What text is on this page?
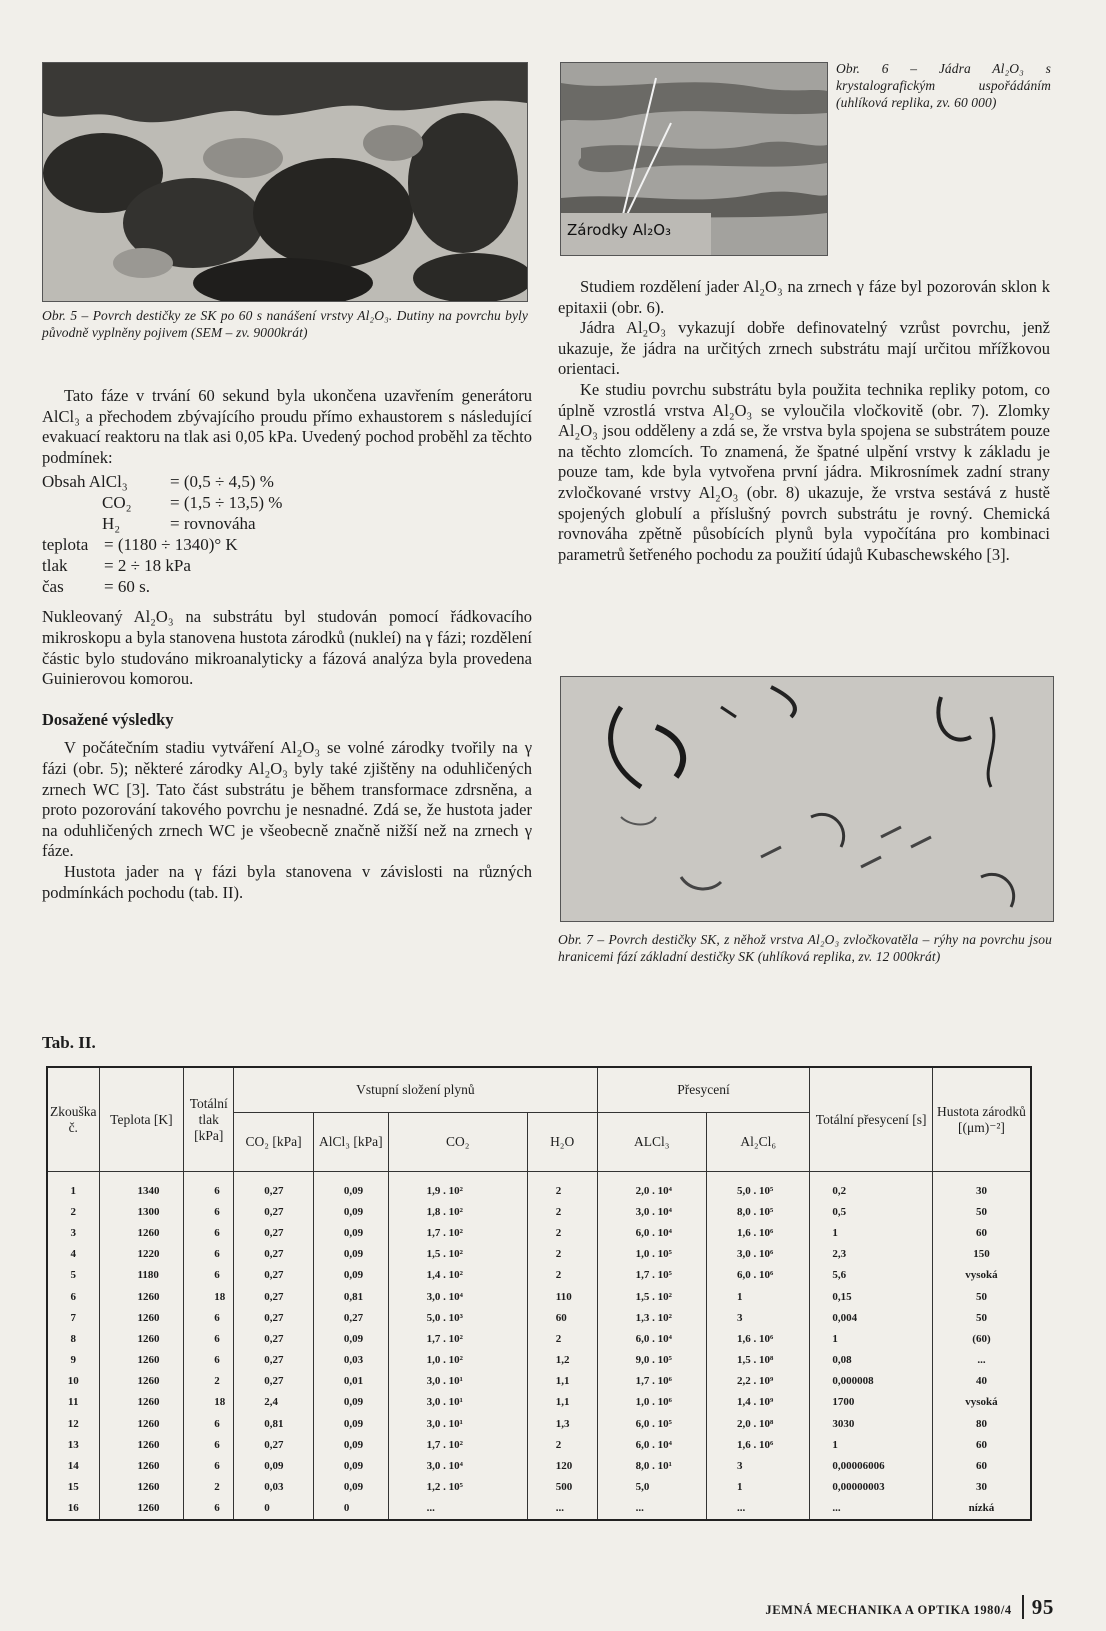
Zárodky Al₂O₃
Obr. 6 – Jádra Al₂O₃ s krystalografickým uspořádáním (uhlíková replika, zv. 60 000)
Obr. 5 – Povrch destičky ze SK po 60 s nanášení vrstvy Al₂O₃. Dutiny na povrchu byly původně vyplněny pojivem (SEM – zv. 9000krát)

Tato fáze v trvání 60 sekund byla ukončena uzavřením generátoru AlCl₃ a přechodem zbývajícího proudu přímo exhaustorem s následující evakuací reaktoru na tlak asi 0,05 kPa. Uvedený pochod proběhl za těchto podmínek:

Obsah AlCl₃	= (0,5 ÷ 4,5) %
CO₂	= (1,5 ÷ 13,5) %
H₂	= rovnováha
teplota = (1180 ÷ 1340)° K
tlak	= 2 ÷ 18 kPa
čas	= 60 s.

Nukleovaný Al₂O₃ na substrátu byl studován pomocí řádkovacího mikroskopu a byla stanovena hustota zárodků (nukleí) na γ fázi; rozdělení částic bylo studováno mikroanalyticky a fázová analýza byla provedena Guinierovou komorou.

Dosažené výsledky

V počátečním stadiu vytváření Al₂O₃ se volné zárodky tvořily na γ fázi (obr. 5); některé zárodky Al₂O₃ byly také zjištěny na oduhličených zrnech WC [3]. Tato část substrátu je během transformace zdrsněna, a proto pozorování takového povrchu je nesnadné. Zdá se, že hustota jader na oduhličených zrnech WC je všeobecně značně nižší než na zrnech γ fáze.

Hustota jader na γ fázi byla stanovena v závislosti na různých podmínkách pochodu (tab. II).

Studiem rozdělení jader Al₂O₃ na zrnech γ fáze byl pozorován sklon k epitaxii (obr. 6).

Jádra Al₂O₃ vykazují dobře definovatelný vzrůst povrchu, jenž ukazuje, že jádra na určitých zrnech substrátu mají určitou mřížkovou orientaci.

Ke studiu povrchu substrátu byla použita technika repliky potom, co úplně vzrostlá vrstva Al₂O₃ se vyloučila vločkovitě (obr. 7). Zlomky Al₂O₃ jsou odděleny a zdá se, že vrstva byla spojena se substrátem pouze na těchto zlomcích. To znamená, že špatné ulpění vrstvy k základu je pouze tam, kde byla vytvořena první jádra. Mikrosnímek zadní strany zvločkované vrstvy Al₂O₃ (obr. 8) ukazuje, že vrstva sestává z hustě spojených globulí a příslušný povrch substrátu je rovný. Chemická rovnováha zpětně působících plynů byla vypočítána pro kombinaci parametrů šetřeného pochodu za použití údajů Kubaschewského [3].

Obr. 7 – Povrch destičky SK, z něhož vrstva Al₂O₃ zvločkovatěla – rýhy na povrchu jsou hranicemi fází základní destičky SK (uhlíková replika, zv. 12 000krát)
Tab. II.
Zkouška č.	Teplota [K]	Totální tlak [kPa]	Vstupní složení plynů				Přesycení		Totální přesycení [s]	Hustota zárodků [(μm)⁻²]
			CO₂ [kPa]	AlCl₃ [kPa]	CO₂	H₂O	ALCl₃	Al₂Cl₆		
1	1340	6	0,27	0,09	1,9 . 10²	2	2,0 . 10⁴	5,0 . 10⁵	0,2	30
2	1300	6	0,27	0,09	1,8 . 10²	2	3,0 . 10⁴	8,0 . 10⁵	0,5	50
3	1260	6	0,27	0,09	1,7 . 10²	2	6,0 . 10⁴	1,6 . 10⁶	1	60
4	1220	6	0,27	0,09	1,5 . 10²	2	1,0 . 10⁵	3,0 . 10⁶	2,3	150
5	1180	6	0,27	0,09	1,4 . 10²	2	1,7 . 10⁵	6,0 . 10⁶	5,6	vysoká
6	1260	18	0,27	0,81	3,0 . 10⁴	110	1,5 . 10²	1	0,15	50
7	1260	6	0,27	0,27	5,0 . 10³	60	1,3 . 10²	3	0,004	50
8	1260	6	0,27	0,09	1,7 . 10²	2	6,0 . 10⁴	1,6 . 10⁶	1	(60)
9	1260	6	0,27	0,03	1,0 . 10²	1,2	9,0 . 10⁵	1,5 . 10⁸	0,08	...
10	1260	2	0,27	0,01	3,0 . 10¹	1,1	1,7 . 10⁶	2,2 . 10⁹	0,000008	40
11	1260	18	2,4	0,09	3,0 . 10¹	1,1	1,0 . 10⁶	1,4 . 10⁹	1700	vysoká
12	1260	6	0,81	0,09	3,0 . 10¹	1,3	6,0 . 10⁵	2,0 . 10⁸	3030	80
13	1260	6	0,27	0,09	1,7 . 10²	2	6,0 . 10⁴	1,6 . 10⁶	1	60
14	1260	6	0,09	0,09	3,0 . 10⁴	120	8,0 . 10¹	3	0,00006006	60
15	1260	2	0,03	0,09	1,2 . 10⁵	500	5,0	1	0,00000003	30
16	1260	6	0	0	...	...	...	...	...	nízká
JEMNÁ MECHANIKA A OPTIKA 1980/4 95
